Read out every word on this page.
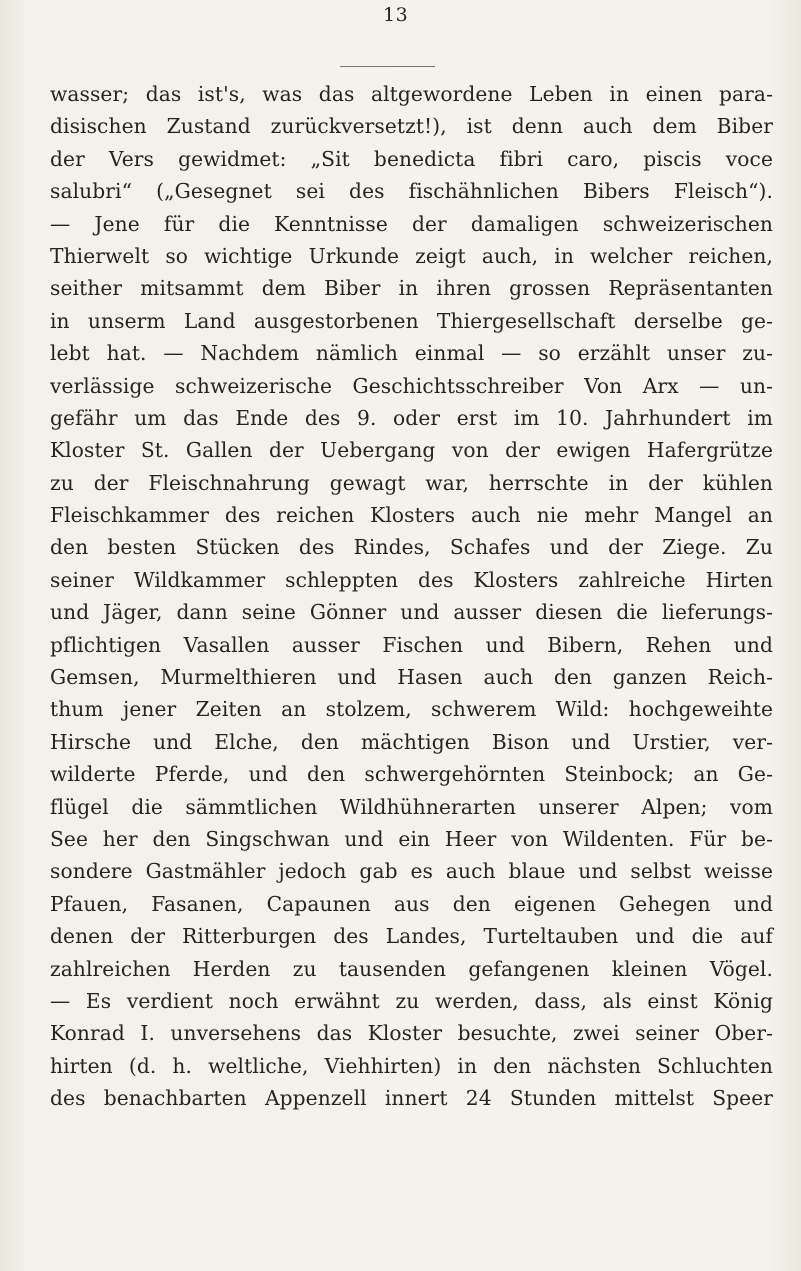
13
wasser; das ist's, was das altgewordene Leben in einen para-
disischen Zustand zurückversetzt!), ist denn auch dem Biber
der Vers gewidmet: „Sit benedicta fibri caro, piscis voce
salubri“ („Gesegnet sei des fischähnlichen Bibers Fleisch“).
— Jene für die Kenntnisse der damaligen schweizerischen
Thierwelt so wichtige Urkunde zeigt auch, in welcher reichen,
seither mitsammt dem Biber in ihren grossen Repräsentanten
in unserm Land ausgestorbenen Thiergesellschaft derselbe ge-
lebt hat. — Nachdem nämlich einmal — so erzählt unser zu-
verlässige schweizerische Geschichtsschreiber Von Arx — un-
gefähr um das Ende des 9. oder erst im 10. Jahrhundert im
Kloster St. Gallen der Uebergang von der ewigen Hafergrütze
zu der Fleischnahrung gewagt war, herrschte in der kühlen
Fleischkammer des reichen Klosters auch nie mehr Mangel an
den besten Stücken des Rindes, Schafes und der Ziege. Zu
seiner Wildkammer schleppten des Klosters zahlreiche Hirten
und Jäger, dann seine Gönner und ausser diesen die lieferungs-
pflichtigen Vasallen ausser Fischen und Bibern, Rehen und
Gemsen, Murmelthieren und Hasen auch den ganzen Reich-
thum jener Zeiten an stolzem, schwerem Wild: hochgeweihte
Hirsche und Elche, den mächtigen Bison und Urstier, ver-
wilderte Pferde, und den schwergehörnten Steinbock; an Ge-
flügel die sämmtlichen Wildhühnerarten unserer Alpen; vom
See her den Singschwan und ein Heer von Wildenten. Für be-
sondere Gastmähler jedoch gab es auch blaue und selbst weisse
Pfauen, Fasanen, Capaunen aus den eigenen Gehegen und
denen der Ritterburgen des Landes, Turteltauben und die auf
zahlreichen Herden zu tausenden gefangenen kleinen Vögel.
— Es verdient noch erwähnt zu werden, dass, als einst König
Konrad I. unversehens das Kloster besuchte, zwei seiner Ober-
hirten (d. h. weltliche, Viehhirten) in den nächsten Schluchten
des benachbarten Appenzell innert 24 Stunden mittelst Speer
